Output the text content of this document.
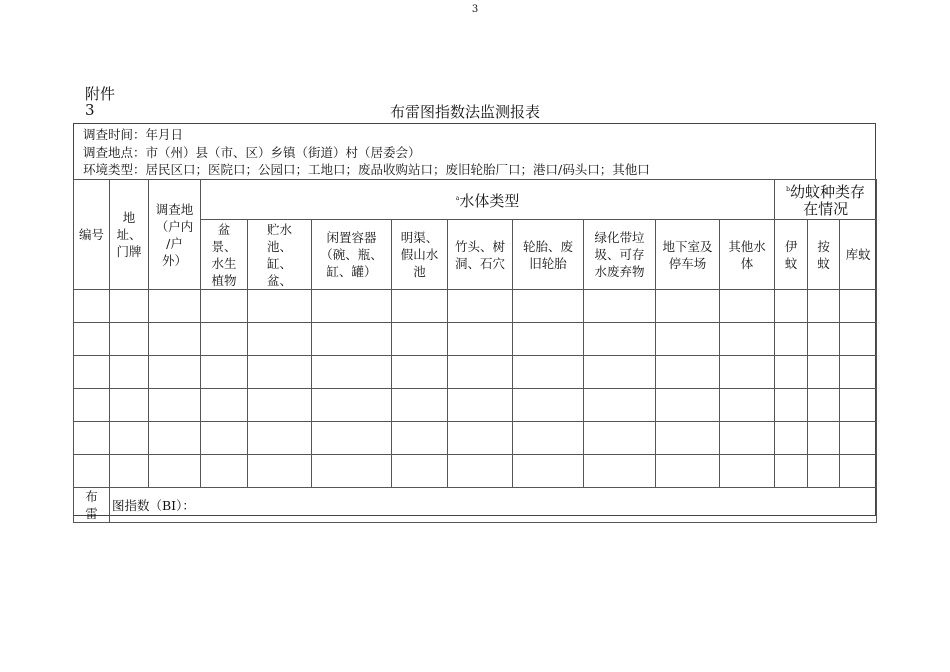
3
附件
3	布雷图指数法监测报表
调查时间：年月日
调查地点：市（州）县（市、区）乡镇（街道）村（居委会）
环境类型：居民区口；医院口；公园口；工地口；废品收购站口；废旧轮胎厂口；港口/码头口；其他口
编号	地
址、
门牌	调查地
（户内
/户
外）	$^a$水体类型									$^b$幼蚊种类存
在情况		
			盆
景、
水生
植物	贮水
池、
缸、
盆、	闲置容器
（碗、瓶、
缸、罐）	明渠、
假山水
池	竹头、树
洞、石穴	轮胎、废
旧轮胎	绿化带垃
圾、可存
水废弃物	地下室及
停车场	其他水
体	伊
蚊	按
蚊	库蚊

布
雷	图指数（BI）：													
